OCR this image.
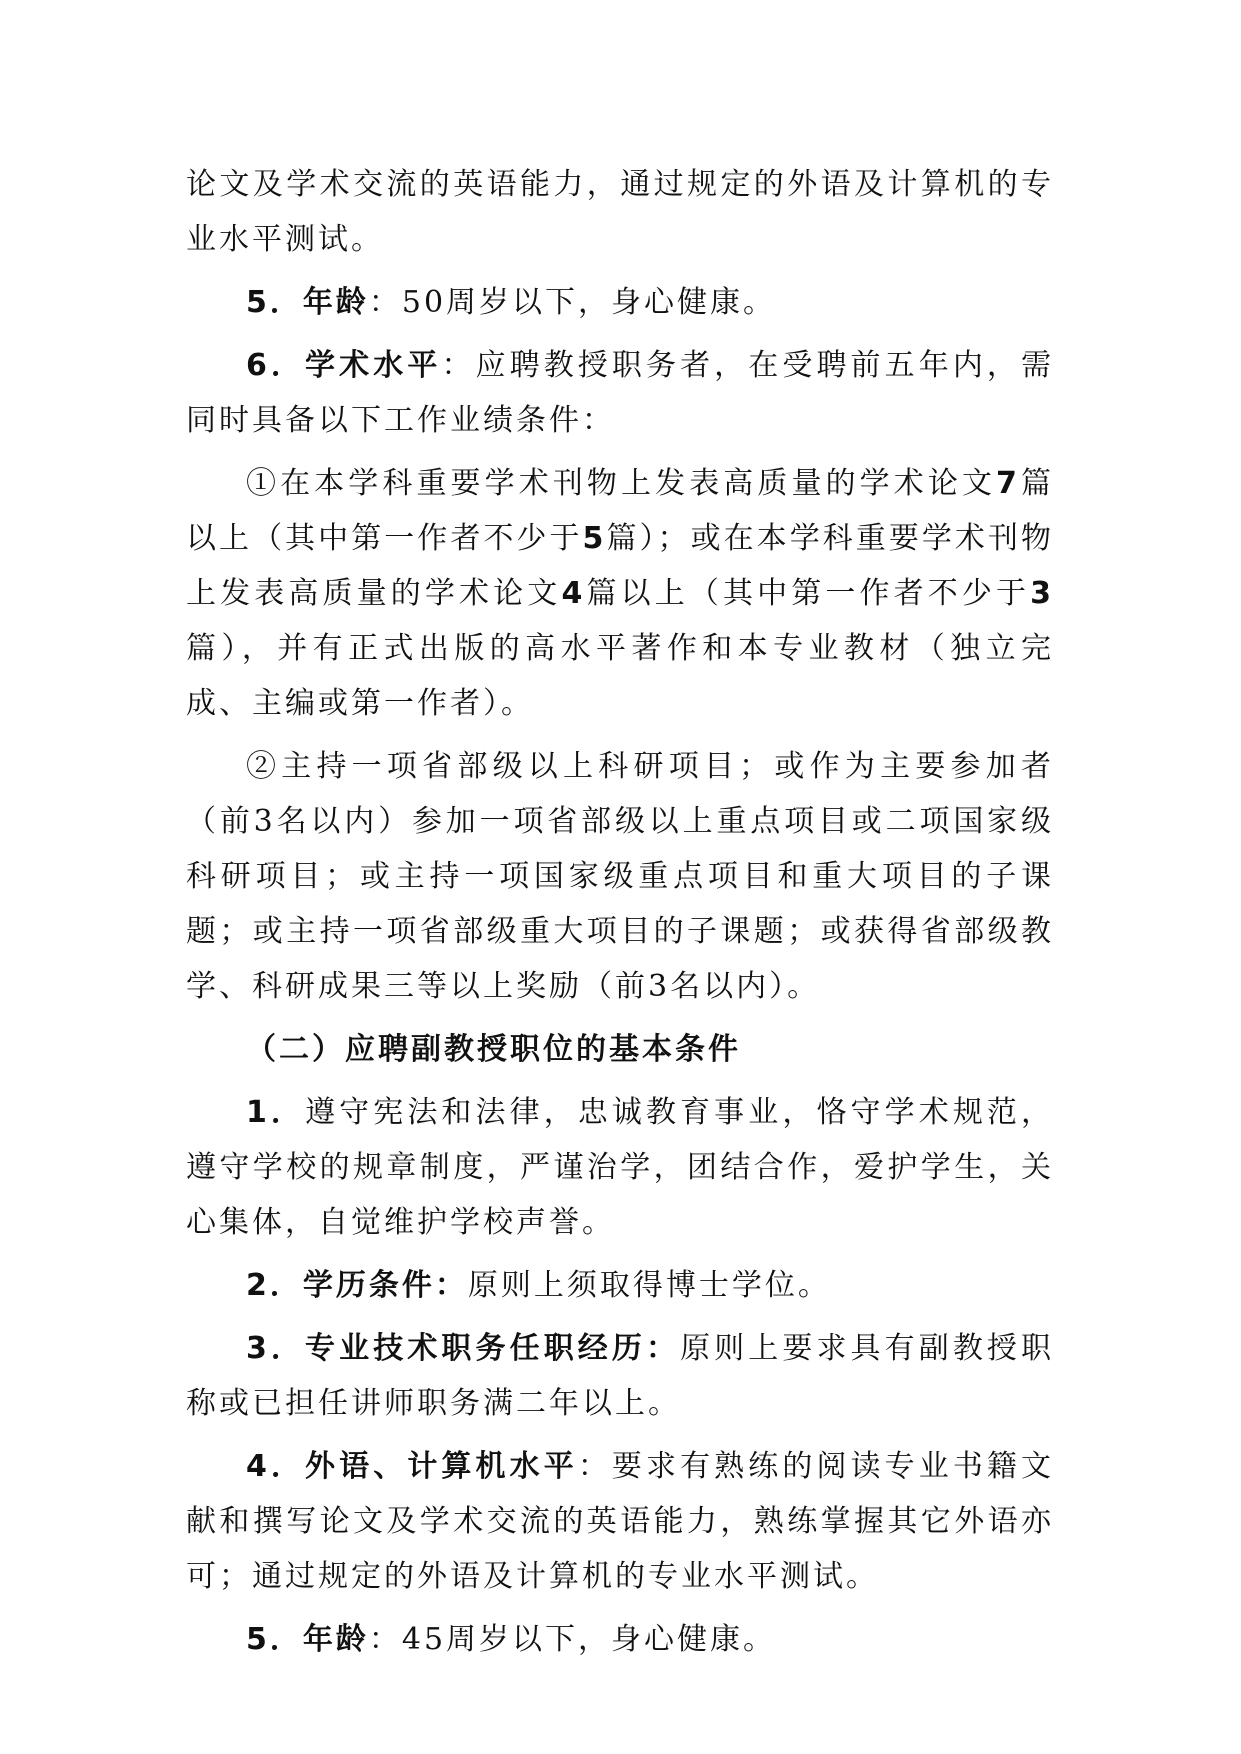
论文及学术交流的英语能力，通过规定的外语及计算机的专业水平测试。

5．年龄：50周岁以下，身心健康。

6．学术水平：应聘教授职务者，在受聘前五年内，需同时具备以下工作业绩条件：

①在本学科重要学术刊物上发表高质量的学术论文7篇以上（其中第一作者不少于5篇）；或在本学科重要学术刊物上发表高质量的学术论文4篇以上（其中第一作者不少于3篇），并有正式出版的高水平著作和本专业教材（独立完成、主编或第一作者）。

②主持一项省部级以上科研项目；或作为主要参加者（前3名以内）参加一项省部级以上重点项目或二项国家级科研项目；或主持一项国家级重点项目和重大项目的子课题；或主持一项省部级重大项目的子课题；或获得省部级教学、科研成果三等以上奖励（前3名以内）。

（二）应聘副教授职位的基本条件

1．遵守宪法和法律，忠诚教育事业，恪守学术规范，遵守学校的规章制度，严谨治学，团结合作，爱护学生，关心集体，自觉维护学校声誉。

2．学历条件：原则上须取得博士学位。

3．专业技术职务任职经历：原则上要求具有副教授职称或已担任讲师职务满二年以上。

4．外语、计算机水平：要求有熟练的阅读专业书籍文献和撰写论文及学术交流的英语能力，熟练掌握其它外语亦可；通过规定的外语及计算机的专业水平测试。

5．年龄：45周岁以下，身心健康。
